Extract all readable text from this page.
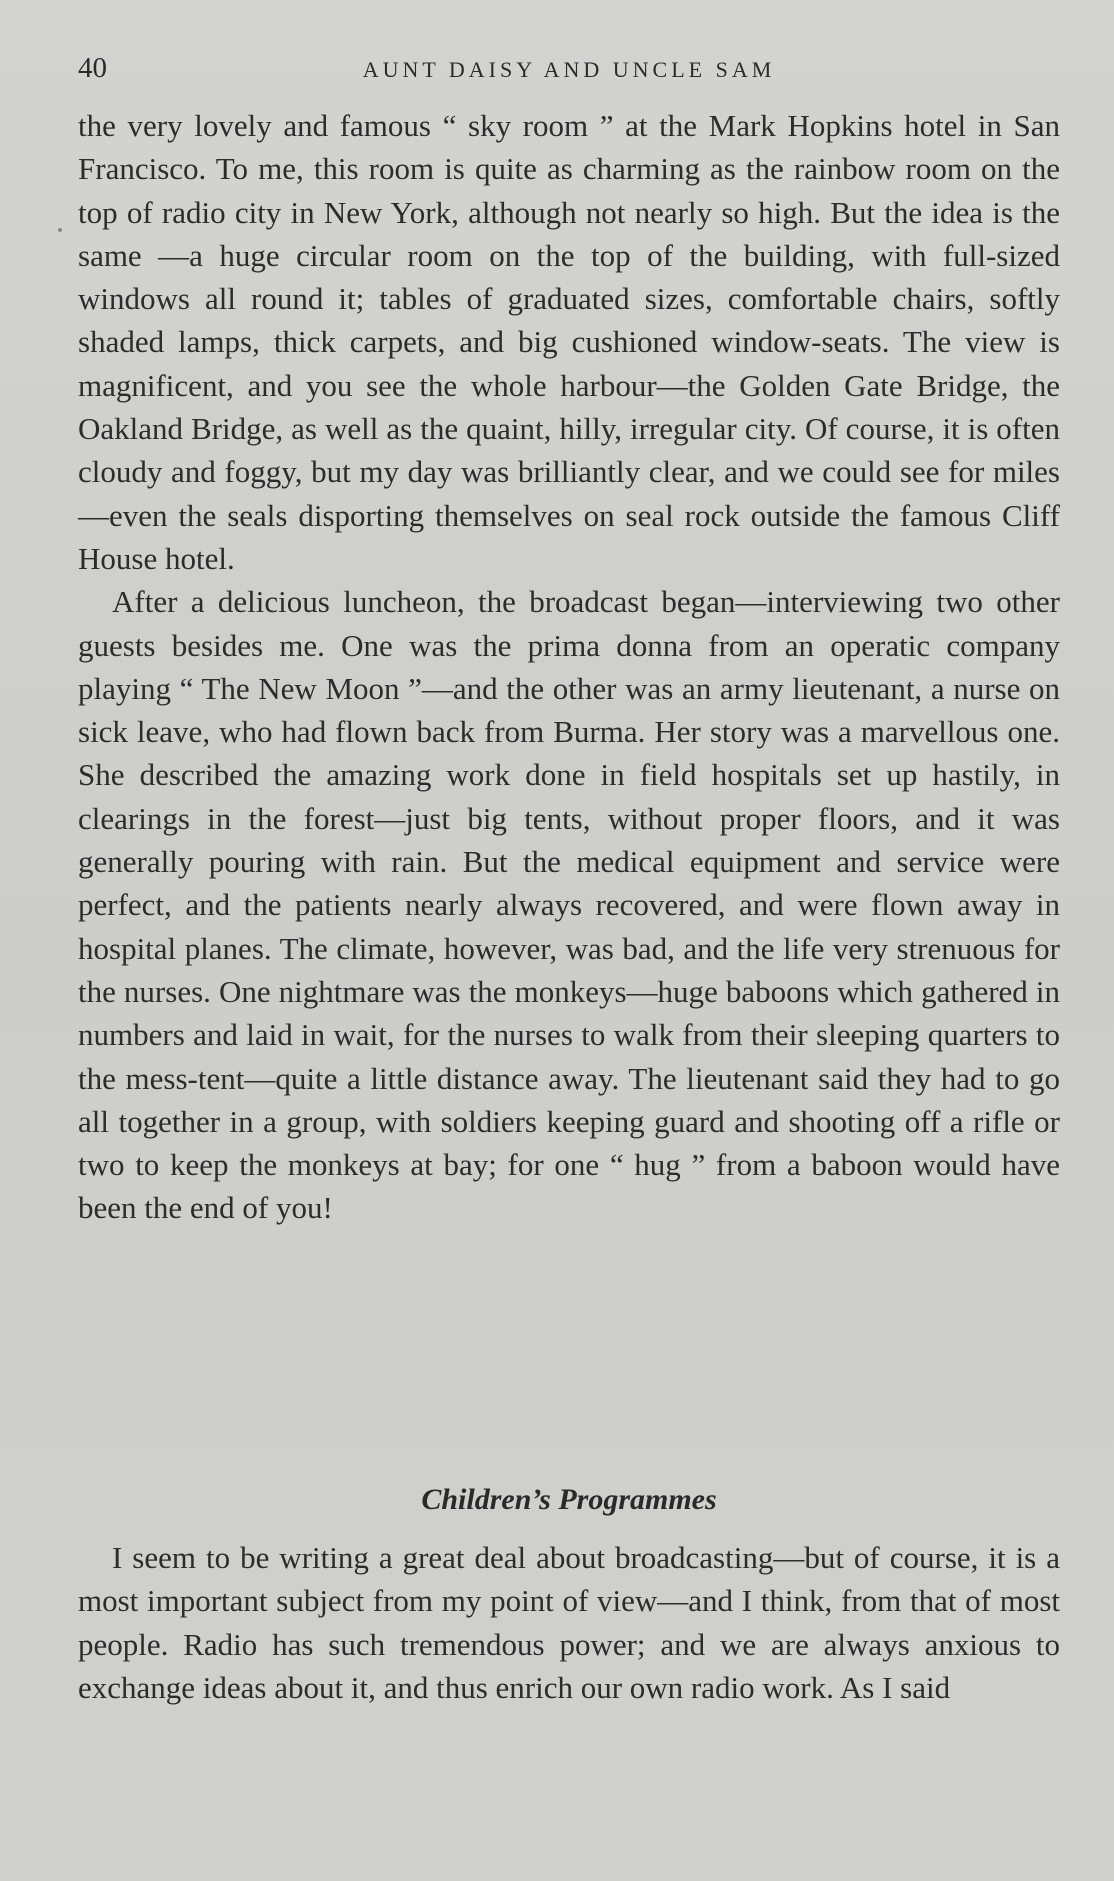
40	AUNT DAISY AND UNCLE SAM

the very lovely and famous “ sky room ” at the Mark Hopkins hotel in San Francisco. To me, this room is quite as charming as the rainbow room on the top of radio city in New York, although not nearly so high. But the idea is the same —a huge circular room on the top of the building, with full-sized windows all round it; tables of graduated sizes, comfortable chairs, softly shaded lamps, thick carpets, and big cushioned window-seats. The view is magnificent, and you see the whole harbour—the Golden Gate Bridge, the Oakland Bridge, as well as the quaint, hilly, irregular city. Of course, it is often cloudy and foggy, but my day was brilliantly clear, and we could see for miles—even the seals disporting themselves on seal rock outside the famous Cliff House hotel.

After a delicious luncheon, the broadcast began—interviewing two other guests besides me. One was the prima donna from an operatic company playing “ The New Moon ”—and the other was an army lieutenant, a nurse on sick leave, who had flown back from Burma. Her story was a marvellous one. She described the amazing work done in field hospitals set up hastily, in clearings in the forest—just big tents, without proper floors, and it was generally pouring with rain. But the medical equipment and service were perfect, and the patients nearly always recovered, and were flown away in hospital planes. The climate, however, was bad, and the life very strenuous for the nurses. One nightmare was the monkeys—huge baboons which gathered in numbers and laid in wait, for the nurses to walk from their sleeping quarters to the mess-tent—quite a little distance away. The lieutenant said they had to go all together in a group, with soldiers keeping guard and shooting off a rifle or two to keep the monkeys at bay; for one “ hug ” from a baboon would have been the end of you!

Children’s Programmes

I seem to be writing a great deal about broadcasting—but of course, it is a most important subject from my point of view—and I think, from that of most people. Radio has such tremendous power; and we are always anxious to exchange ideas about it, and thus enrich our own radio work. As I said
